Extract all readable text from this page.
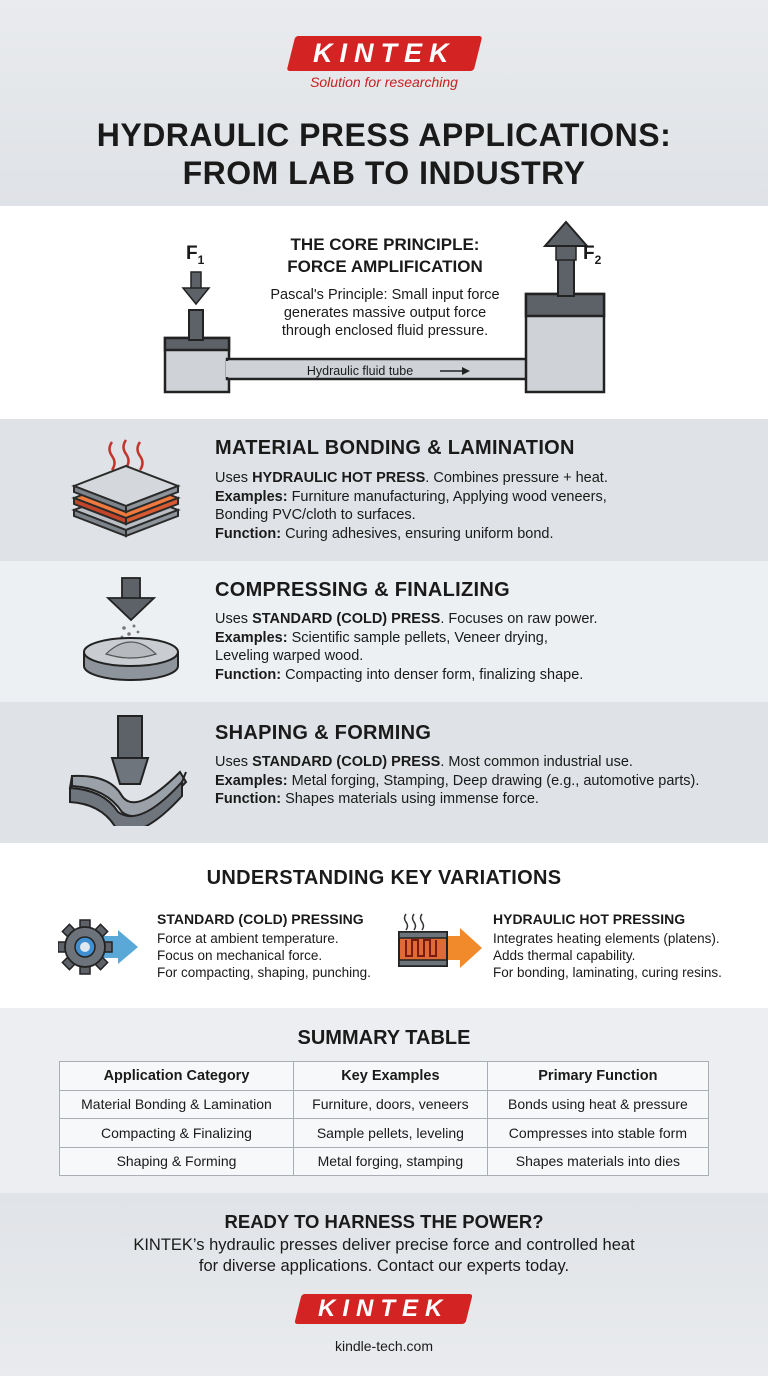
KINTEK
Solution for researching
HYDRAULIC PRESS APPLICATIONS:
FROM LAB TO INDUSTRY
$F_1$	$F_2$
THE CORE PRINCIPLE:
FORCE AMPLIFICATION
Pascal's Principle: Small input force
generates massive output force
through enclosed fluid pressure.
Hydraulic fluid tube
MATERIAL BONDING & LAMINATION
Uses HYDRAULIC HOT PRESS. Combines pressure + heat.
Examples: Furniture manufacturing, Applying wood veneers,
Bonding PVC/cloth to surfaces.
Function: Curing adhesives, ensuring uniform bond.
COMPRESSING & FINALIZING
Uses STANDARD (COLD) PRESS. Focuses on raw power.
Examples: Scientific sample pellets, Veneer drying,
Leveling warped wood.
Function: Compacting into denser form, finalizing shape.
SHAPING & FORMING
Uses STANDARD (COLD) PRESS. Most common industrial use.
Examples: Metal forging, Stamping, Deep drawing (e.g., automotive parts).
Function: Shapes materials using immense force.
UNDERSTANDING KEY VARIATIONS
STANDARD (COLD) PRESSING
Force at ambient temperature.
Focus on mechanical force.
For compacting, shaping, punching.
HYDRAULIC HOT PRESSING
Integrates heating elements (platens).
Adds thermal capability.
For bonding, laminating, curing resins.
SUMMARY TABLE
Application Category	Key Examples	Primary Function
Material Bonding & Lamination	Furniture, doors, veneers	Bonds using heat & pressure
Compacting & Finalizing	Sample pellets, leveling	Compresses into stable form
Shaping & Forming	Metal forging, stamping	Shapes materials into dies
READY TO HARNESS THE POWER?
KINTEK’s hydraulic presses deliver precise force and controlled heat
for diverse applications. Contact our experts today.
KINTEK
kindle-tech.com
